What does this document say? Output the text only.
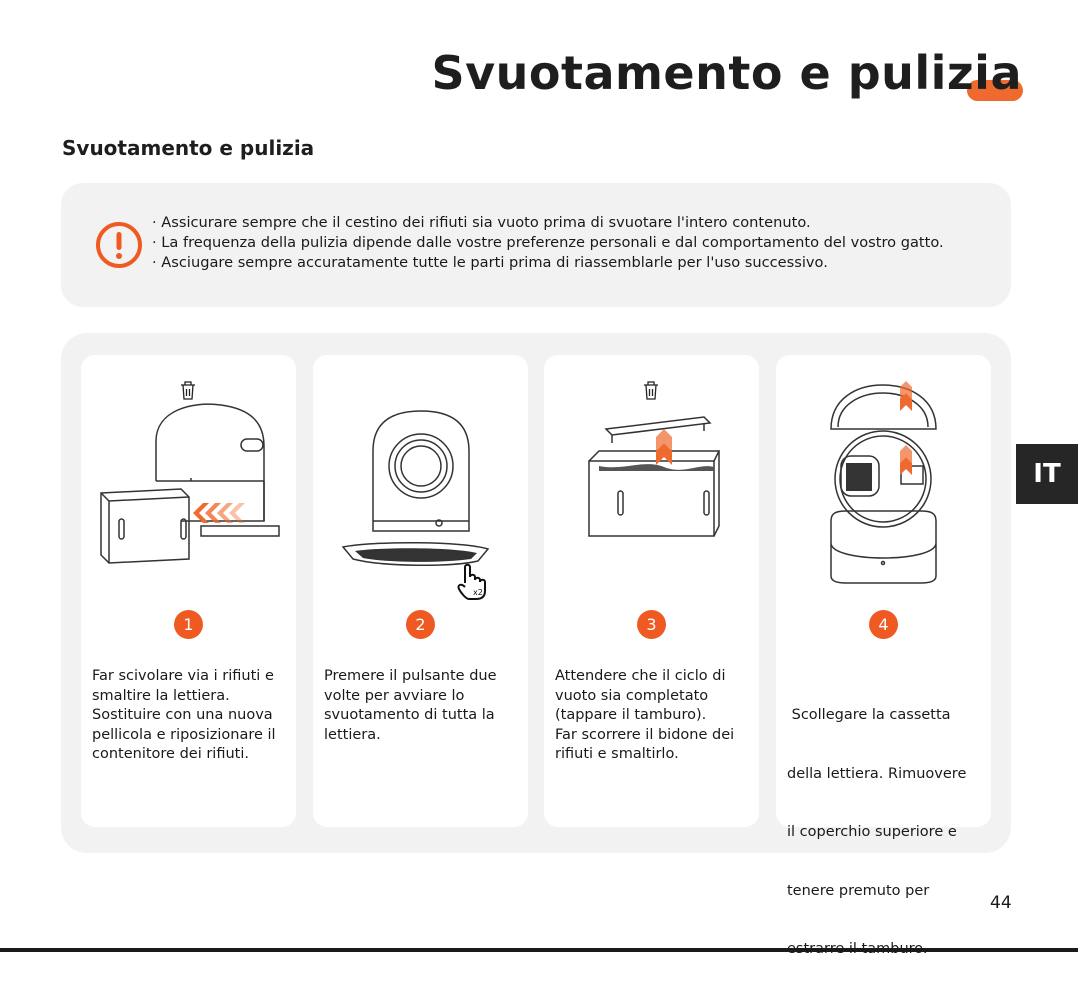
Svuotamento e pulizia
Svuotamento e pulizia
· Assicurare sempre che il cestino dei rifiuti sia vuoto prima di svuotare l'intero contenuto.
· La frequenza della pulizia dipende dalle vostre preferenze personali e dal comportamento del vostro gatto.
· Asciugare sempre accuratamente tutte le parti prima di riassemblarle per l'uso successivo.
1
Far scivolare via i rifiuti e
smaltire la lettiera.
Sostituire con una nuova
pellicola e riposizionare il
contenitore dei rifiuti.
x2
2
Premere il pulsante due
volte per avviare lo
svuotamento di tutta la
lettiera.
3
Attendere che il ciclo di
vuoto sia completato
(tappare il tamburo).
Far scorrere il bidone dei
rifiuti e smaltirlo.
4

Scollegare la cassetta

della lettiera. Rimuovere

il coperchio superiore e

tenere premuto per

IT
44
